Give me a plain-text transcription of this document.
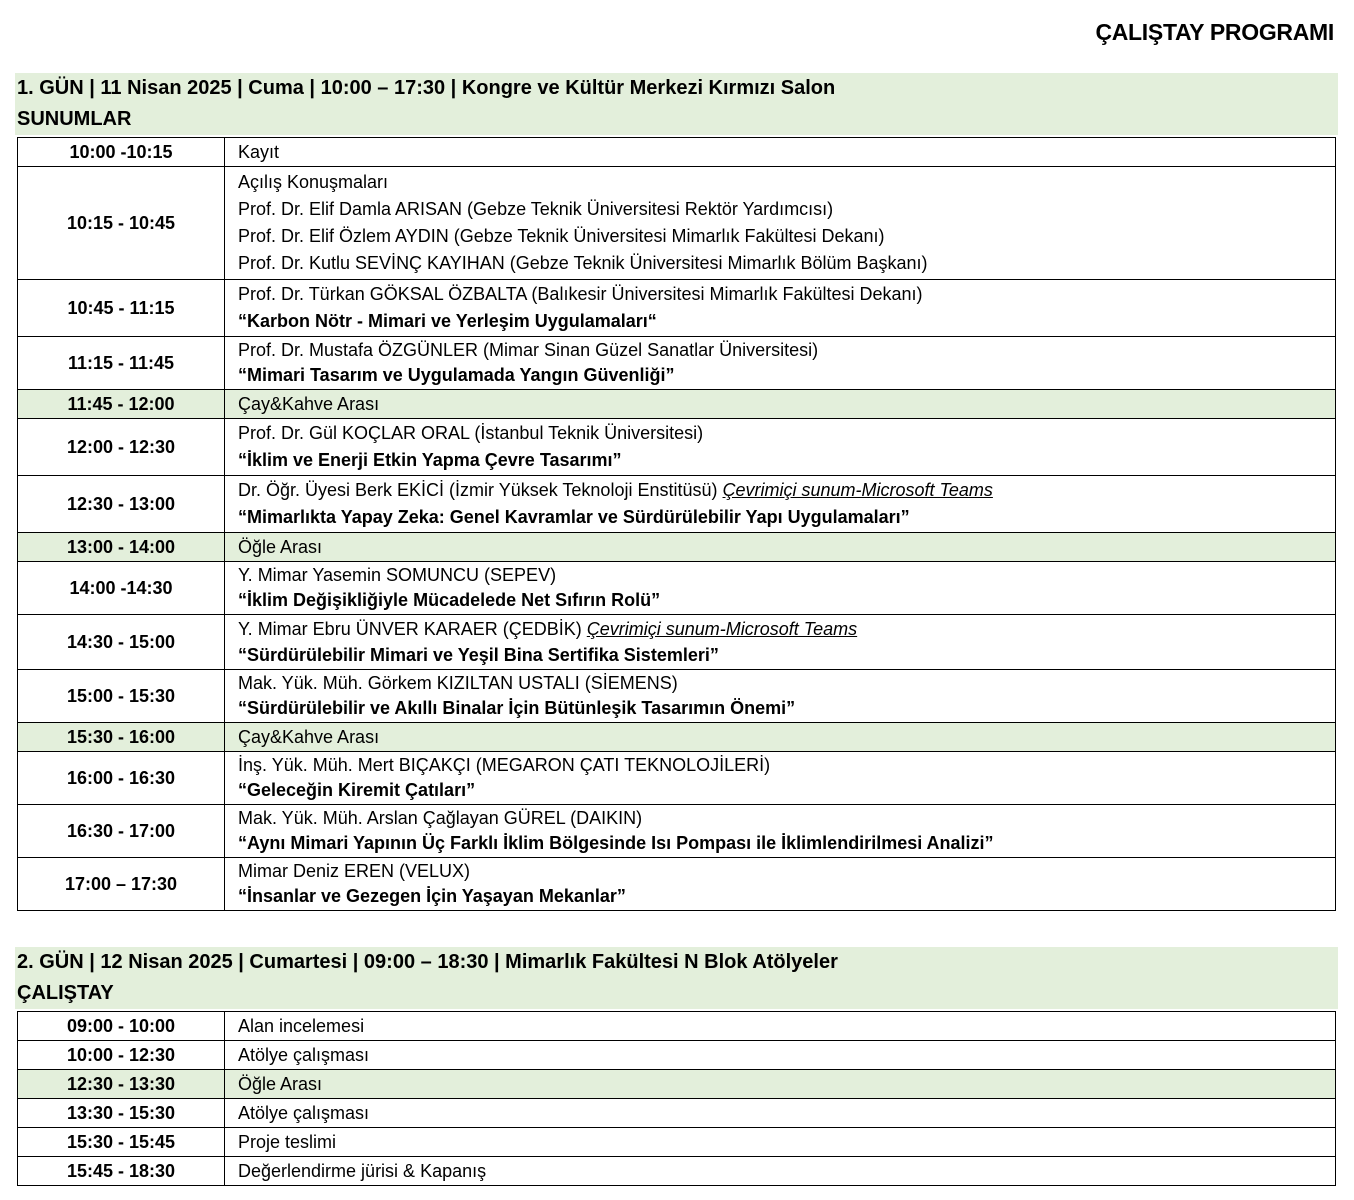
ÇALIŞTAY PROGRAMI
1. GÜN | 11 Nisan 2025 | Cuma | 10:00 – 17:30 | Kongre ve Kültür Merkezi Kırmızı Salon
SUNUMLAR
10:00 -10:15	Kayıt

10:15 - 10:45	Açılış Konuşmaları
Prof. Dr. Elif Damla ARISAN (Gebze Teknik Üniversitesi Rektör Yardımcısı)
Prof. Dr. Elif Özlem AYDIN (Gebze Teknik Üniversitesi Mimarlık Fakültesi Dekanı)
Prof. Dr. Kutlu SEVİNÇ KAYIHAN (Gebze Teknik Üniversitesi Mimarlık Bölüm Başkanı)

10:45 - 11:15	Prof. Dr. Türkan GÖKSAL ÖZBALTA (Balıkesir Üniversitesi Mimarlık Fakültesi Dekanı)
“Karbon Nötr - Mimari ve Yerleşim Uygulamaları“

11:15 - 11:45	Prof. Dr. Mustafa ÖZGÜNLER (Mimar Sinan Güzel Sanatlar Üniversitesi)
“Mimari Tasarım ve Uygulamada Yangın Güvenliği”

11:45 - 12:00	Çay&Kahve Arası

12:00 - 12:30	Prof. Dr. Gül KOÇLAR ORAL (İstanbul Teknik Üniversitesi)
“İklim ve Enerji Etkin Yapma Çevre Tasarımı”

12:30 - 13:00	Dr. Öğr. Üyesi Berk EKİCİ (İzmir Yüksek Teknoloji Enstitüsü) Çevrimiçi sunum-Microsoft Teams
“Mimarlıkta Yapay Zeka: Genel Kavramlar ve Sürdürülebilir Yapı Uygulamaları”

13:00 - 14:00	Öğle Arası

14:00 -14:30	Y. Mimar Yasemin SOMUNCU (SEPEV)
“İklim Değişikliğiyle Mücadelede Net Sıfırın Rolü”

14:30 - 15:00	Y. Mimar Ebru ÜNVER KARAER (ÇEDBİK) Çevrimiçi sunum-Microsoft Teams
“Sürdürülebilir Mimari ve Yeşil Bina Sertifika Sistemleri”

15:00 - 15:30	Mak. Yük. Müh. Görkem KIZILTAN USTALI (SİEMENS)
“Sürdürülebilir ve Akıllı Binalar İçin Bütünleşik Tasarımın Önemi”

15:30 - 16:00	Çay&Kahve Arası

16:00 - 16:30	İnş. Yük. Müh. Mert BIÇAKÇI (MEGARON ÇATI TEKNOLOJİLERİ)
“Geleceğin Kiremit Çatıları”

16:30 - 17:00	Mak. Yük. Müh. Arslan Çağlayan GÜREL (DAIKIN)
“Aynı Mimari Yapının Üç Farklı İklim Bölgesinde Isı Pompası ile İklimlendirilmesi Analizi”

17:00 – 17:30	Mimar Deniz EREN (VELUX)
“İnsanlar ve Gezegen İçin Yaşayan Mekanlar”
2. GÜN | 12 Nisan 2025 | Cumartesi | 09:00 – 18:30 | Mimarlık Fakültesi N Blok Atölyeler
ÇALIŞTAY
09:00 - 10:00	Alan incelemesi

10:00 - 12:30	Atölye çalışması

12:30 - 13:30	Öğle Arası

13:30 - 15:30	Atölye çalışması

15:30 - 15:45	Proje teslimi

15:45 - 18:30	Değerlendirme jürisi & Kapanış
